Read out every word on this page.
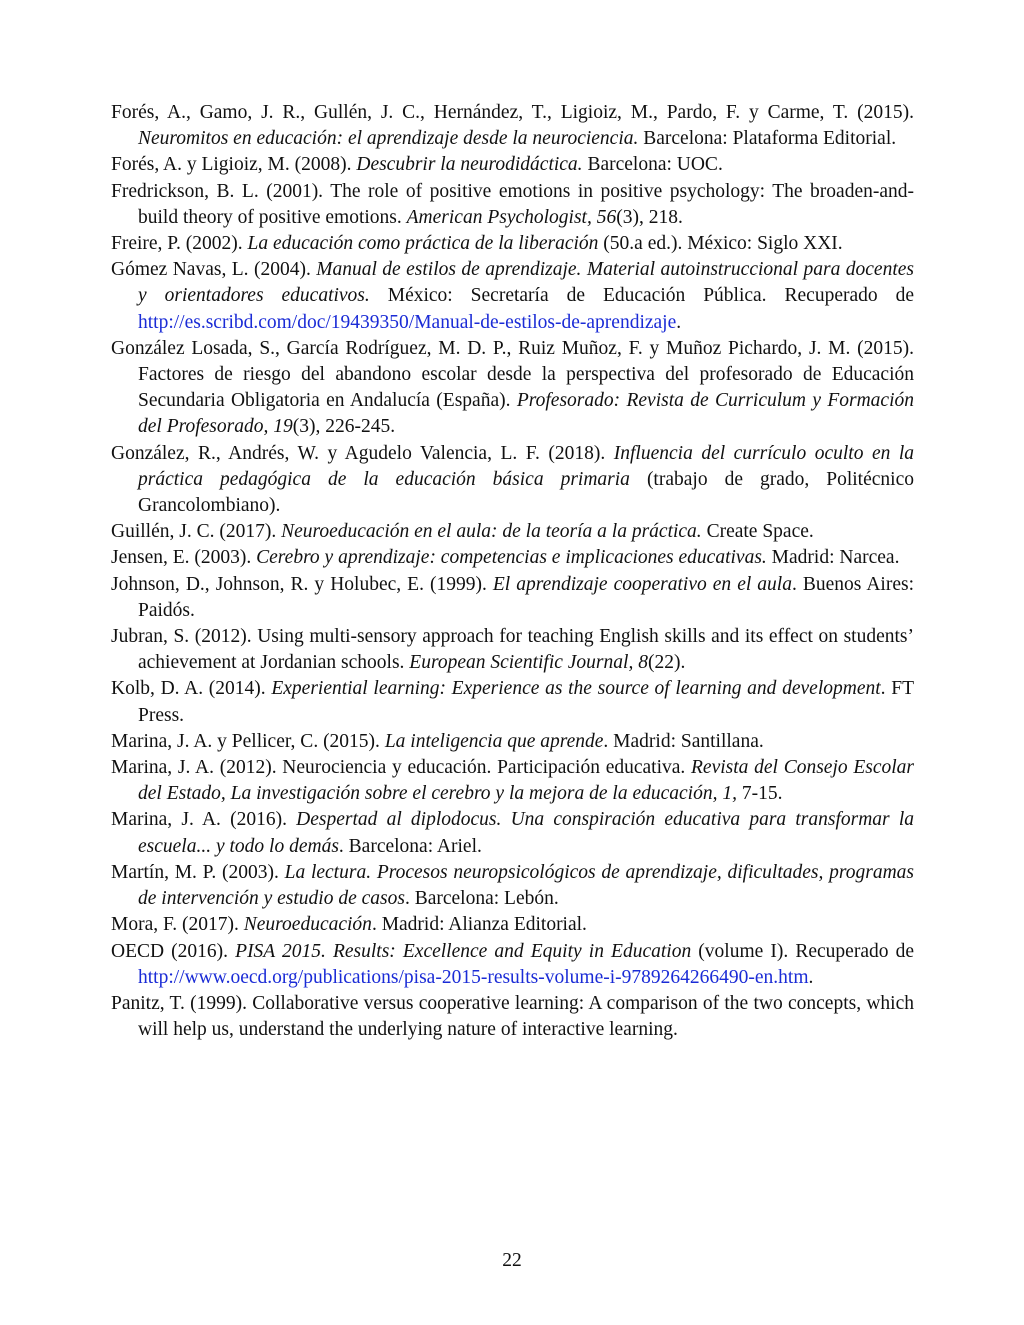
Forés, A., Gamo, J. R., Gullén, J. C., Hernández, T., Ligioiz, M., Pardo, F. y Carme, T. (2015). Neuromitos en educación: el aprendizaje desde la neurociencia. Barcelona: Plataforma Editorial.

Forés, A. y Ligioiz, M. (2008). Descubrir la neurodidáctica. Barcelona: UOC.

Fredrickson, B. L. (2001). The role of positive emotions in positive psychology: The broaden-and-build theory of positive emotions. American Psychologist, 56(3), 218.

Freire, P. (2002). La educación como práctica de la liberación (50.a ed.). México: Siglo XXI.

Gómez Navas, L. (2004). Manual de estilos de aprendizaje. Material autoinstruccional para docentes y orientadores educativos. México: Secretaría de Educación Pública. Recuperado de http://es.scribd.com/doc/19439350/Manual-de-estilos-de-aprendizaje.

González Losada, S., García Rodríguez, M. D. P., Ruiz Muñoz, F. y Muñoz Pichardo, J. M. (2015). Factores de riesgo del abandono escolar desde la perspectiva del profesorado de Educación Secundaria Obligatoria en Andalucía (España). Profesorado: Revista de Curriculum y Formación del Profesorado, 19(3), 226-245.

González, R., Andrés, W. y Agudelo Valencia, L. F. (2018). Influencia del currículo oculto en la práctica pedagógica de la educación básica primaria (trabajo de grado, Politécnico Grancolombiano).

Guillén, J. C. (2017). Neuroeducación en el aula: de la teoría a la práctica. Create Space.

Jensen, E. (2003). Cerebro y aprendizaje: competencias e implicaciones educativas. Madrid: Narcea.

Johnson, D., Johnson, R. y Holubec, E. (1999). El aprendizaje cooperativo en el aula. Buenos Aires: Paidós.

Jubran, S. (2012). Using multi-sensory approach for teaching English skills and its effect on students’ achievement at Jordanian schools. European Scientific Journal, 8(22).

Kolb, D. A. (2014). Experiential learning: Experience as the source of learning and development. FT Press.

Marina, J. A. y Pellicer, C. (2015). La inteligencia que aprende. Madrid: Santillana.

Marina, J. A. (2012). Neurociencia y educación. Participación educativa. Revista del Consejo Escolar del Estado, La investigación sobre el cerebro y la mejora de la educación, 1, 7-15.

Marina, J. A. (2016). Despertad al diplodocus. Una conspiración educativa para transformar la escuela... y todo lo demás. Barcelona: Ariel.

Martín, M. P. (2003). La lectura. Procesos neuropsicológicos de aprendizaje, dificultades, programas de intervención y estudio de casos. Barcelona: Lebón.

Mora, F. (2017). Neuroeducación. Madrid: Alianza Editorial.

OECD (2016). PISA 2015. Results: Excellence and Equity in Education (volume I). Recuperado de http://www.oecd.org/publications/pisa-2015-results-volume-i-9789264266490-en.htm.

Panitz, T. (1999). Collaborative versus cooperative learning: A comparison of the two concepts, which will help us, understand the underlying nature of interactive learning.

22
